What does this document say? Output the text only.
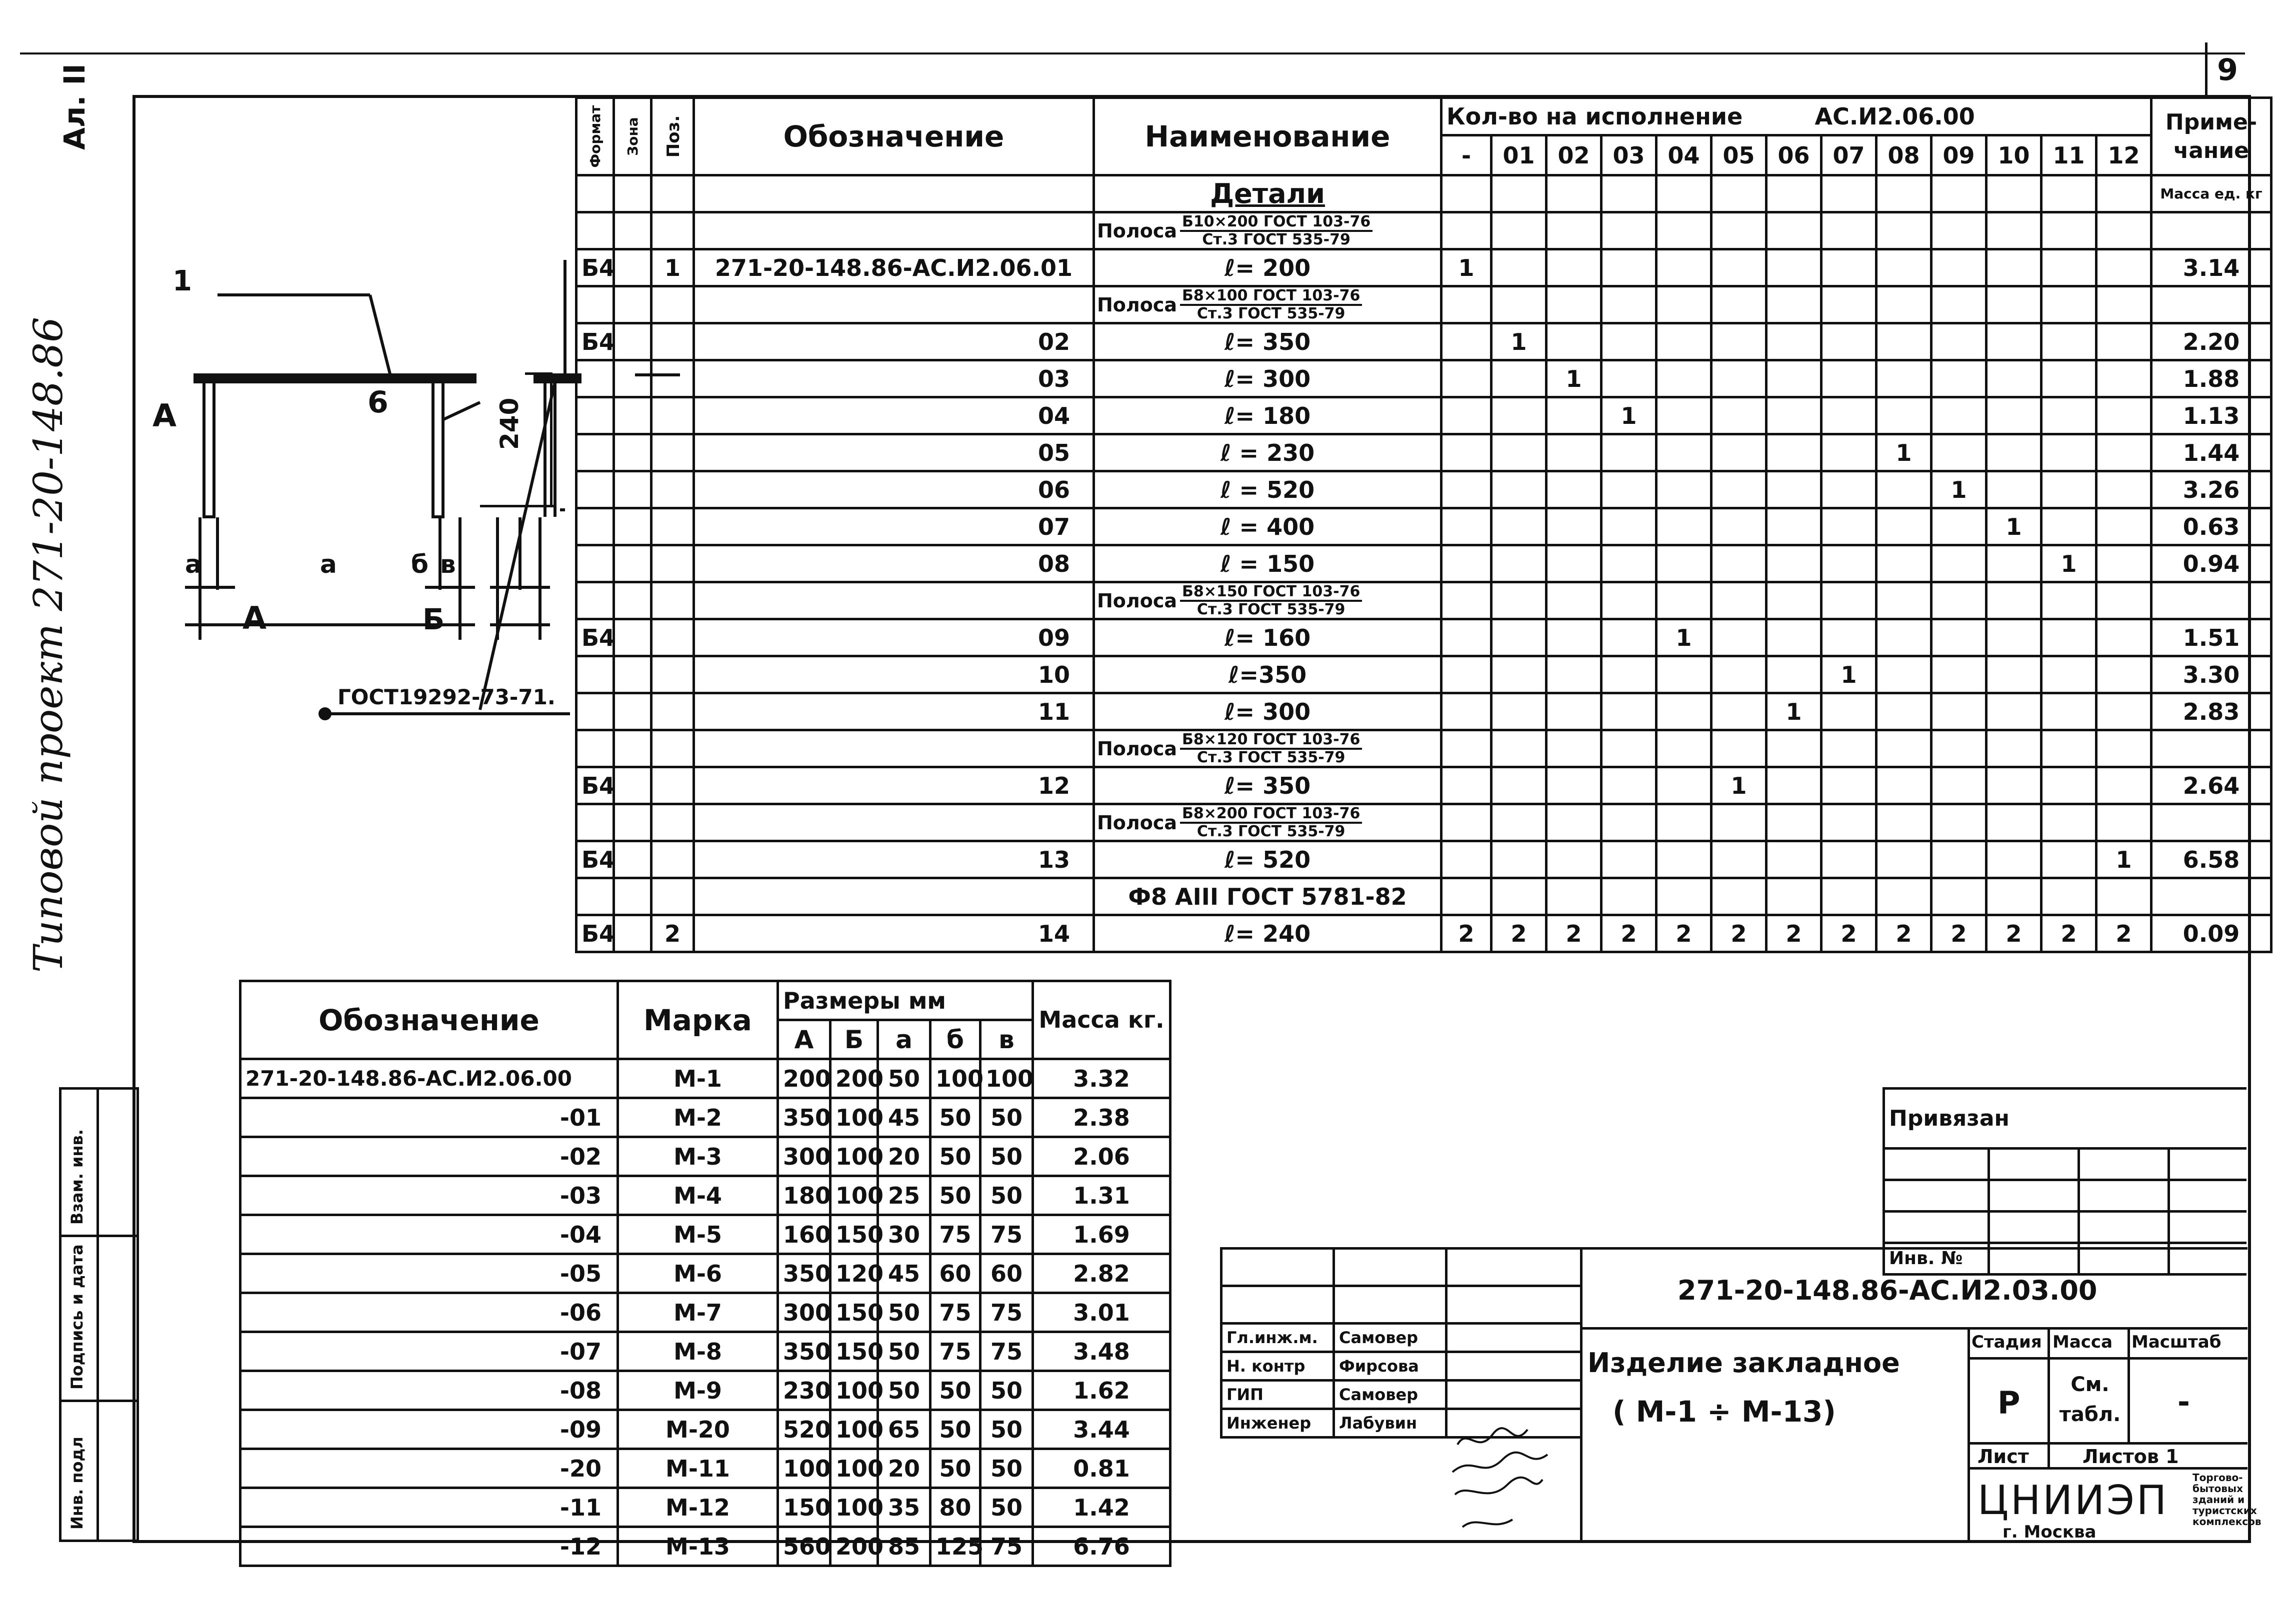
9
Типовой проект 271-20-148.86
Ал. II
Взам. инв.
Подпись и дата
Инв. подл
240
1
6
A
a	a
A
б в
Б
ГОСТ19292-73-71.
Формат	Зона	Поз.	Обозначение	Наименование	Кол-во на исполнение АС.И2.06.00													Приме- чание
					-	01	02	03	04	05	06	07	08	09	10	11	12	
				Детали														Масса ед. кг
				Полоса $\frac{\text{Б10×200 ГОСТ 103-76}}{\text{Ст.3 ГОСТ 535-79}}$

Б4		1	271-20-148.86-АС.И2.06.01	ℓ= 200	1													3.14
				Полоса $\frac{\text{Б8×100 ГОСТ 103-76}}{\text{Ст.3 ГОСТ 535-79}}$

Б4			02	ℓ= 350		1												2.20
			03	ℓ= 300			1											1.88
			04	ℓ= 180				1										1.13
			05	ℓ = 230									1					1.44
			06	ℓ = 520										1				3.26
			07	ℓ = 400											1			0.63
			08	ℓ = 150												1		0.94
				Полоса $\frac{\text{Б8×150 ГОСТ 103-76}}{\text{Ст.3 ГОСТ 535-79}}$

Б4			09	ℓ= 160					1									1.51
			10	ℓ=350								1						3.30
			11	ℓ= 300							1							2.83
				Полоса $\frac{\text{Б8×120 ГОСТ 103-76}}{\text{Ст.3 ГОСТ 535-79}}$

Б4			12	ℓ= 350						1								2.64
				Полоса $\frac{\text{Б8×200 ГОСТ 103-76}}{\text{Ст.3 ГОСТ 535-79}}$

Б4			13	ℓ= 520													1	6.58
				Ф8 АIII ГОСТ 5781-82														
Б4		2	14	ℓ= 240	2	2	2	2	2	2	2	2	2	2	2	2	2	0.09
Обозначение	Марка	Размеры мм					Масса кг.
		А	Б	а	б	в	
271-20-148.86-АС.И2.06.00	М-1	200	200	50	100	100	3.32
-01	М-2	350	100	45	50	50	2.38
-02	М-3	300	100	20	50	50	2.06
-03	М-4	180	100	25	50	50	1.31
-04	М-5	160	150	30	75	75	1.69
-05	М-6	350	120	45	60	60	2.82
-06	М-7	300	150	50	75	75	3.01
-07	М-8	350	150	50	75	75	3.48
-08	М-9	230	100	50	50	50	1.62
-09	М-20	520	100	65	50	50	3.44
-20	М-11	100	100	20	50	50	0.81
-11	М-12	150	100	35	80	50	1.42
-12	М-13	560	200	85	125	75	6.76
Привязан			

Инв. №			

Гл.инж.м.	Самовер	
Н. контр	Фирсова	
ГИП	Самовер	
Инженер	Лабувин	
271-20-148.86-АС.И2.03.00
Изделие закладное
( М-1 ÷ М-13)
Стадия Масса Масштаб
Р	См. табл. -
Лист	Листов 1
ЦНИИЭП Торгово-бытовых зданий и туристских комплексов
г. Москва
